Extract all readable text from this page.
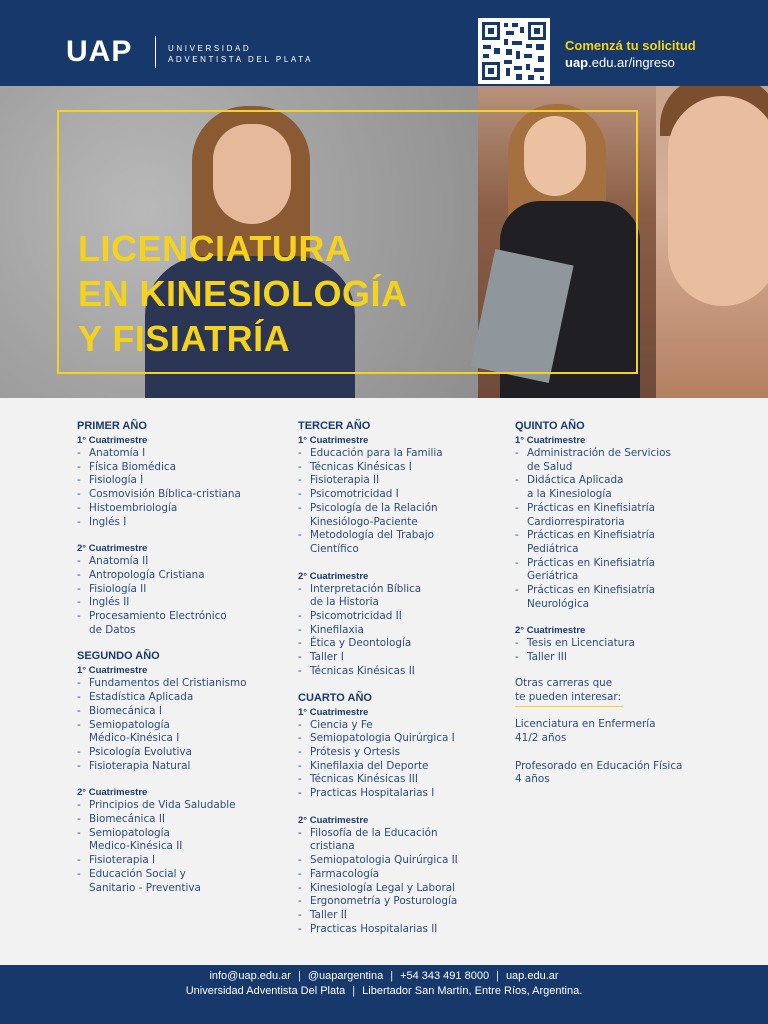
UAP	UNIVERSIDAD
ADVENTISTA DEL PLATA
Comenzá tu solicitud
uap.edu.ar/ingreso
LICENCIATURA
EN KINESIOLOGÍA
Y FISIATRÍA
PRIMER AÑO
1° Cuatrimestre
- Anatomía I
- Física Biomédica
- Fisiología I
- Cosmovisión Bíblica-cristiana
- Histoembriología
- Inglés I
2° Cuatrimestre
- Anatomía II
- Antropología Cristiana
- Fisiología II
- Inglés II
- Procesamiento Electrónico
de Datos
SEGUNDO AÑO
1° Cuatrimestre
- Fundamentos del Cristianismo
- Estadística Aplicada
- Biomecánica I
- Semiopatología
Médico-Kinésica I
- Psicología Evolutiva
- Fisioterapia Natural
2° Cuatrimestre
- Principios de Vida Saludable
- Biomecánica II
- Semiopatología
Medico-Kinésica II
- Fisioterapia I
- Educación Social y
Sanitario - Preventiva
TERCER AÑO
1° Cuatrimestre
- Educación para la Familia
- Técnicas Kinésicas I
- Fisioterapia II
- Psicomotricidad I
- Psicología de la Relación
Kinesiólogo-Paciente
- Metodología del Trabajo
Científico
2° Cuatrimestre
- Interpretación Bíblica
de la Historia
- Psicomotricidad II
- Kinefilaxia
- Ética y Deontología
- Taller I
- Técnicas Kinésicas II
CUARTO AÑO
1° Cuatrimestre
- Ciencia y Fe
- Semiopatologia Quirúrgica I
- Prótesis y Ortesis
- Kinefilaxia del Deporte
- Técnicas Kinésicas III
- Practicas Hospitalarias I
2° Cuatrimestre
- Filosofía de la Educación
cristiana
- Semiopatologia Quirúrgica II
- Farmacología
- Kinesiología Legal y Laboral
- Ergonometría y Posturología
- Taller II
- Practicas Hospitalarias II
QUINTO AÑO
1° Cuatrimestre
- Administración de Servicios
de Salud
- Didáctica Aplicada
a la Kinesiología
- Prácticas en Kinefisiatría
Cardiorrespiratoria
- Prácticas en Kinefisiatría
Pediátrica
- Prácticas en Kinefisiatría
Geriátrica
- Prácticas en Kinefisiatría
Neurológica
2° Cuatrimestre
- Tesis en Licenciatura
- Taller III
Otras carreras que
te pueden interesar:
Licenciatura en Enfermería
41/2 años
Profesorado en Educación Física
4 años
info@uap.edu.ar | @uapargentina | +54 343 491 8000 | uap.edu.ar
Universidad Adventista Del Plata | Libertador San Martín, Entre Ríos, Argentina.
